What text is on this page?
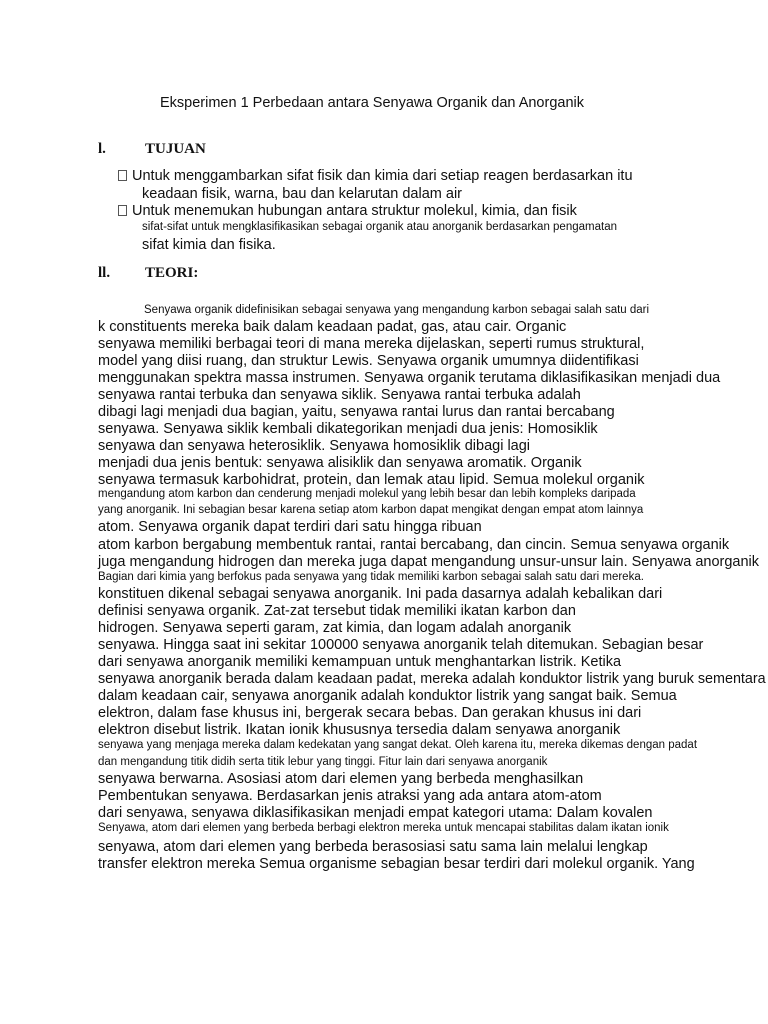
Eksperimen 1 Perbedaan antara Senyawa Organik dan Anorganik
l.	TUJUAN
Untuk menggambarkan sifat fisik dan kimia dari setiap reagen berdasarkan itu
keadaan fisik, warna, bau dan kelarutan dalam air
Untuk menemukan hubungan antara struktur molekul, kimia, dan fisik
sifat-sifat untuk mengklasifikasikan sebagai organik atau anorganik berdasarkan pengamatan
sifat kimia dan fisika.
ll. TEORI:
Senyawa organik didefinisikan sebagai senyawa yang mengandung karbon sebagai salah satu dari
k constituents mereka baik dalam keadaan padat, gas, atau cair. Organic
senyawa memiliki berbagai teori di mana mereka dijelaskan, seperti rumus struktural,
model yang diisi ruang, dan struktur Lewis. Senyawa organik umumnya diidentifikasi
menggunakan spektra massa instrumen. Senyawa organik terutama diklasifikasikan menjadi dua
senyawa rantai terbuka dan senyawa siklik. Senyawa rantai terbuka adalah
dibagi lagi menjadi dua bagian, yaitu, senyawa rantai lurus dan rantai bercabang
senyawa. Senyawa siklik kembali dikategorikan menjadi dua jenis: Homosiklik
senyawa dan senyawa heterosiklik. Senyawa homosiklik dibagi lagi
menjadi dua jenis bentuk: senyawa alisiklik dan senyawa aromatik. Organik
senyawa termasuk karbohidrat, protein, dan lemak atau lipid. Semua molekul organik
mengandung atom karbon dan cenderung menjadi molekul yang lebih besar dan lebih kompleks daripada
yang anorganik. Ini sebagian besar karena setiap atom karbon dapat mengikat dengan empat atom lainnya
atom. Senyawa organik dapat terdiri dari satu hingga ribuan
atom karbon bergabung membentuk rantai, rantai bercabang, dan cincin. Semua senyawa organik
juga mengandung hidrogen dan mereka juga dapat mengandung unsur-unsur lain. Senyawa anorganik
Bagian dari kimia yang berfokus pada senyawa yang tidak memiliki karbon sebagai salah satu dari mereka.
konstituen dikenal sebagai senyawa anorganik. Ini pada dasarnya adalah kebalikan dari
definisi senyawa organik. Zat-zat tersebut tidak memiliki ikatan karbon dan
hidrogen. Senyawa seperti garam, zat kimia, dan logam adalah anorganik
senyawa. Hingga saat ini sekitar 100000 senyawa anorganik telah ditemukan. Sebagian besar
dari senyawa anorganik memiliki kemampuan untuk menghantarkan listrik. Ketika
senyawa anorganik berada dalam keadaan padat, mereka adalah konduktor listrik yang buruk sementara
dalam keadaan cair, senyawa anorganik adalah konduktor listrik yang sangat baik. Semua
elektron, dalam fase khusus ini, bergerak secara bebas. Dan gerakan khusus ini dari
elektron disebut listrik. Ikatan ionik khususnya tersedia dalam senyawa anorganik
senyawa yang menjaga mereka dalam kedekatan yang sangat dekat. Oleh karena itu, mereka dikemas dengan padat
dan mengandung titik didih serta titik lebur yang tinggi. Fitur lain dari senyawa anorganik
senyawa berwarna. Asosiasi atom dari elemen yang berbeda menghasilkan
Pembentukan senyawa. Berdasarkan jenis atraksi yang ada antara atom-atom
dari senyawa, senyawa diklasifikasikan menjadi empat kategori utama: Dalam kovalen
Senyawa, atom dari elemen yang berbeda berbagi elektron mereka untuk mencapai stabilitas dalam ikatan ionik
senyawa, atom dari elemen yang berbeda berasosiasi satu sama lain melalui lengkap
transfer elektron mereka Semua organisme sebagian besar terdiri dari molekul organik. Yang
